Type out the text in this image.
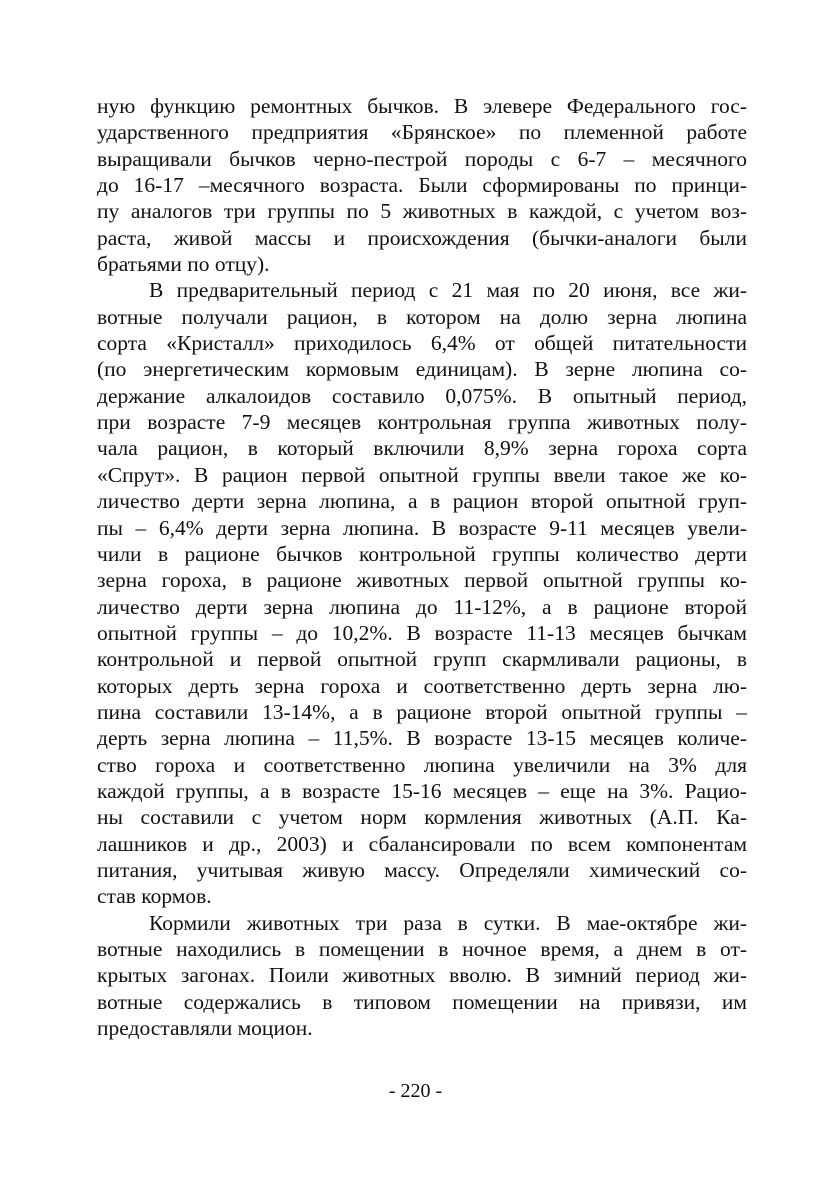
ную функцию ремонтных бычков. В элевере Федерального гос-
ударственного предприятия «Брянское» по племенной работе
выращивали бычков черно-пестрой породы с 6-7 – месячного
до 16-17 –месячного возраста. Были сформированы по принци-
пу аналогов три группы по 5 животных в каждой, с учетом воз-
раста, живой массы и происхождения (бычки-аналоги были
братьями по отцу).
В предварительный период с 21 мая по 20 июня, все жи-
вотные получали рацион, в котором на долю зерна люпина
сорта «Кристалл» приходилось 6,4% от общей питательности
(по энергетическим кормовым единицам). В зерне люпина со-
держание алкалоидов составило 0,075%. В опытный период,
при возрасте 7-9 месяцев контрольная группа животных полу-
чала рацион, в который включили 8,9% зерна гороха сорта
«Спрут». В рацион первой опытной группы ввели такое же ко-
личество дерти зерна люпина, а в рацион второй опытной груп-
пы – 6,4% дерти зерна люпина. В возрасте 9-11 месяцев увели-
чили в рационе бычков контрольной группы количество дерти
зерна гороха, в рационе животных первой опытной группы ко-
личество дерти зерна люпина до 11-12%, а в рационе второй
опытной группы – до 10,2%. В возрасте 11-13 месяцев бычкам
контрольной и первой опытной групп скармливали рационы, в
которых дерть зерна гороха и соответственно дерть зерна лю-
пина составили 13-14%, а в рационе второй опытной группы –
дерть зерна люпина – 11,5%. В возрасте 13-15 месяцев количе-
ство гороха и соответственно люпина увеличили на 3% для
каждой группы, а в возрасте 15-16 месяцев – еще на 3%. Рацио-
ны составили с учетом норм кормления животных (А.П. Ка-
лашников и др., 2003) и сбалансировали по всем компонентам
питания, учитывая живую массу. Определяли химический со-
став кормов.
Кормили животных три раза в сутки. В мае-октябре жи-
вотные находились в помещении в ночное время, а днем в от-
крытых загонах. Поили животных вволю. В зимний период жи-
вотные содержались в типовом помещении на привязи, им
предоставляли моцион.
- 220 -
